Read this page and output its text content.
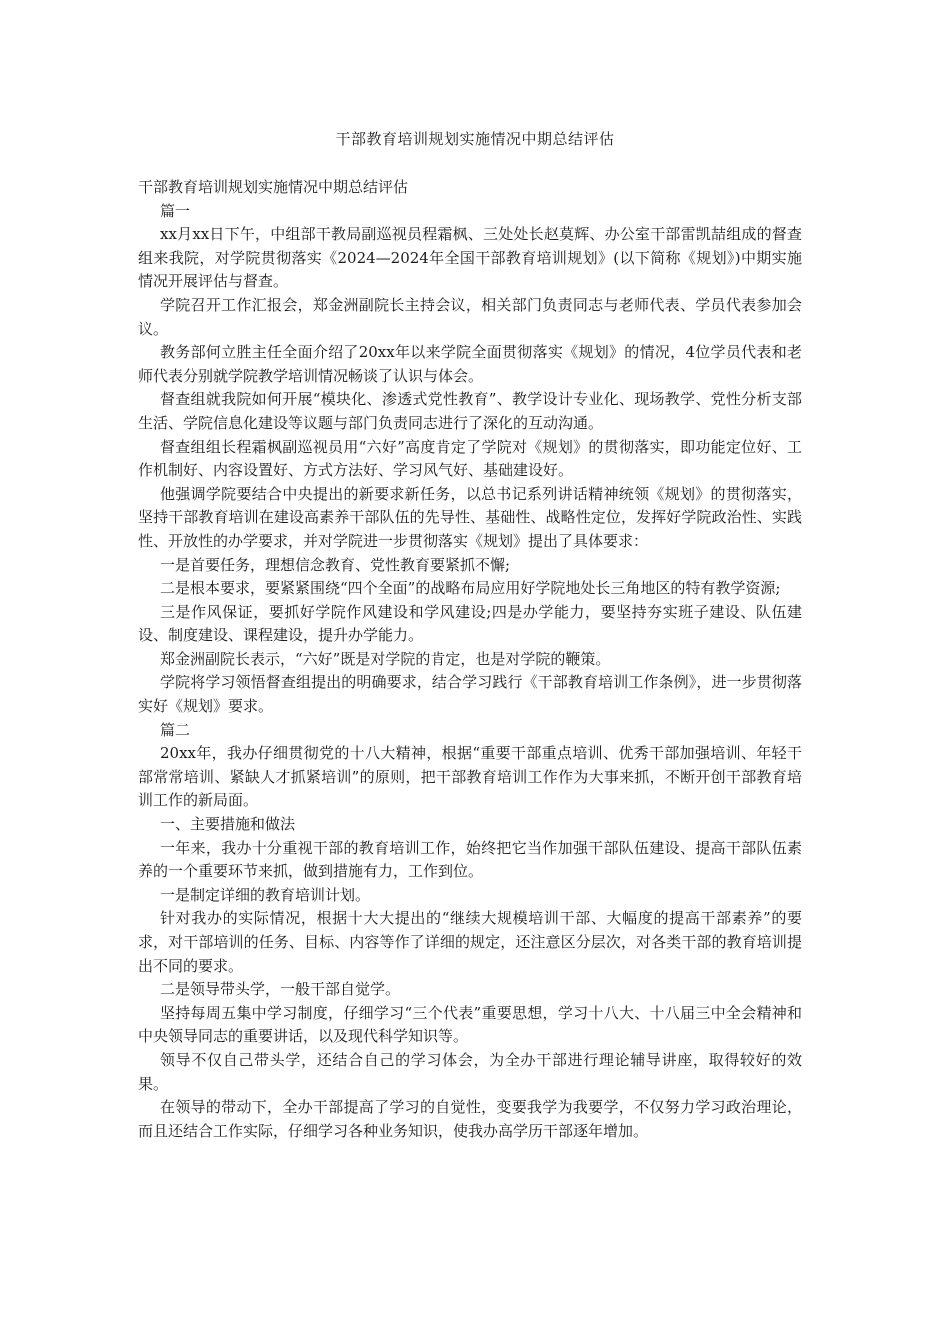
干部教育培训规划实施情况中期总结评估

干部教育培训规划实施情况中期总结评估

篇一

xx月xx日下午，中组部干教局副巡视员程霜枫、三处处长赵莫辉、办公室干部雷凯喆组成的督查组来我院，对学院贯彻落实《2024—2024年全国干部教育培训规划》(以下简称《规划》)中期实施情况开展评估与督查。

学院召开工作汇报会，郑金洲副院长主持会议，相关部门负责同志与老师代表、学员代表参加会议。

教务部何立胜主任全面介绍了20xx年以来学院全面贯彻落实《规划》的情况，4位学员代表和老师代表分别就学院教学培训情况畅谈了认识与体会。

督查组就我院如何开展“模块化、渗透式党性教育”、教学设计专业化、现场教学、党性分析支部生活、学院信息化建设等议题与部门负责同志进行了深化的互动沟通。

督查组组长程霜枫副巡视员用“六好”高度肯定了学院对《规划》的贯彻落实，即功能定位好、工作机制好、内容设置好、方式方法好、学习风气好、基础建设好。

他强调学院要结合中央提出的新要求新任务，以总书记系列讲话精神统领《规划》的贯彻落实，坚持干部教育培训在建设高素养干部队伍的先导性、基础性、战略性定位，发挥好学院政治性、实践性、开放性的办学要求，并对学院进一步贯彻落实《规划》提出了具体要求：

一是首要任务，理想信念教育、党性教育要紧抓不懈;

二是根本要求，要紧紧围绕“四个全面”的战略布局应用好学院地处长三角地区的特有教学资源;

三是作风保证，要抓好学院作风建设和学风建设;四是办学能力，要坚持夯实班子建设、队伍建设、制度建设、课程建设，提升办学能力。

郑金洲副院长表示，“六好”既是对学院的肯定，也是对学院的鞭策。

学院将学习领悟督查组提出的明确要求，结合学习践行《干部教育培训工作条例》，进一步贯彻落实好《规划》要求。

篇二

20xx年，我办仔细贯彻党的十八大精神，根据“重要干部重点培训、优秀干部加强培训、年轻干部常常培训、紧缺人才抓紧培训”的原则，把干部教育培训工作作为大事来抓，不断开创干部教育培训工作的新局面。

一、主要措施和做法

一年来，我办十分重视干部的教育培训工作，始终把它当作加强干部队伍建设、提高干部队伍素养的一个重要环节来抓，做到措施有力，工作到位。

一是制定详细的教育培训计划。

针对我办的实际情况，根据十大大提出的“继续大规模培训干部、大幅度的提高干部素养”的要求，对干部培训的任务、目标、内容等作了详细的规定，还注意区分层次，对各类干部的教育培训提出不同的要求。

二是领导带头学，一般干部自觉学。

坚持每周五集中学习制度，仔细学习“三个代表”重要思想，学习十八大、十八届三中全会精神和中央领导同志的重要讲话，以及现代科学知识等。

领导不仅自己带头学，还结合自己的学习体会，为全办干部进行理论辅导讲座，取得较好的效果。

在领导的带动下，全办干部提高了学习的自觉性，变要我学为我要学，不仅努力学习政治理论，而且还结合工作实际，仔细学习各种业务知识，使我办高学历干部逐年增加。
